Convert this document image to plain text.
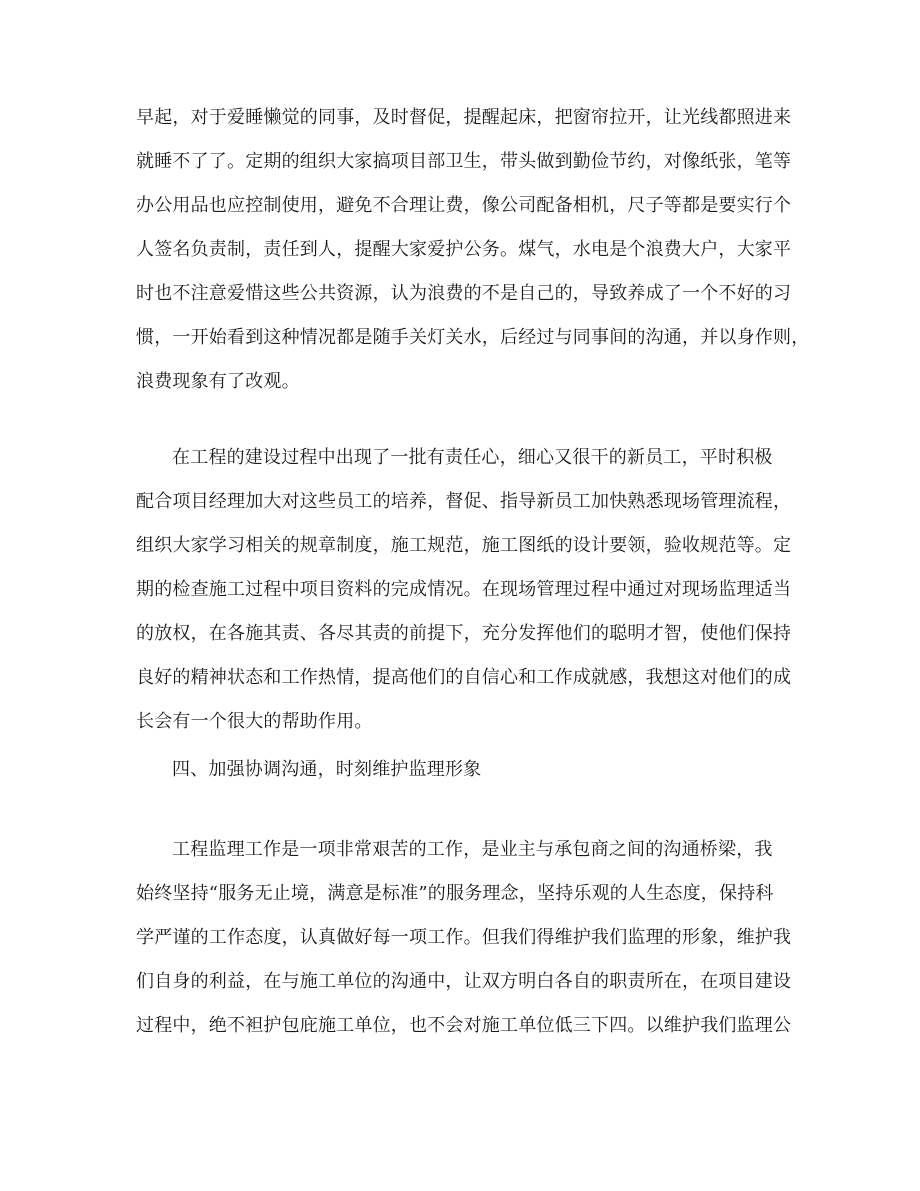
早起，对于爱睡懒觉的同事，及时督促，提醒起床，把窗帘拉开，让光线都照进来
就睡不了了。定期的组织大家搞项目部卫生，带头做到勤俭节约，对像纸张，笔等
办公用品也应控制使用，避免不合理让费，像公司配备相机，尺子等都是要实行个
人签名负责制，责任到人，提醒大家爱护公务。煤气，水电是个浪费大户，大家平
时也不注意爱惜这些公共资源，认为浪费的不是自己的，导致养成了一个不好的习
惯，一开始看到这种情况都是随手关灯关水，后经过与同事间的沟通，并以身作则，
浪费现象有了改观。
在工程的建设过程中出现了一批有责任心，细心又很干的新员工，平时积极
配合项目经理加大对这些员工的培养，督促、指导新员工加快熟悉现场管理流程，
组织大家学习相关的规章制度，施工规范，施工图纸的设计要领，验收规范等。定
期的检查施工过程中项目资料的完成情况。在现场管理过程中通过对现场监理适当
的放权，在各施其责、各尽其责的前提下，充分发挥他们的聪明才智，使他们保持
良好的精神状态和工作热情，提高他们的自信心和工作成就感，我想这对他们的成
长会有一个很大的帮助作用。
四、加强协调沟通，时刻维护监理形象
工程监理工作是一项非常艰苦的工作，是业主与承包商之间的沟通桥梁，我
始终坚持“服务无止境，满意是标准”的服务理念，坚持乐观的人生态度，保持科
学严谨的工作态度，认真做好每一项工作。但我们得维护我们监理的形象，维护我
们自身的利益，在与施工单位的沟通中，让双方明白各自的职责所在，在项目建设
过程中，绝不袒护包庇施工单位，也不会对施工单位低三下四。以维护我们监理公
